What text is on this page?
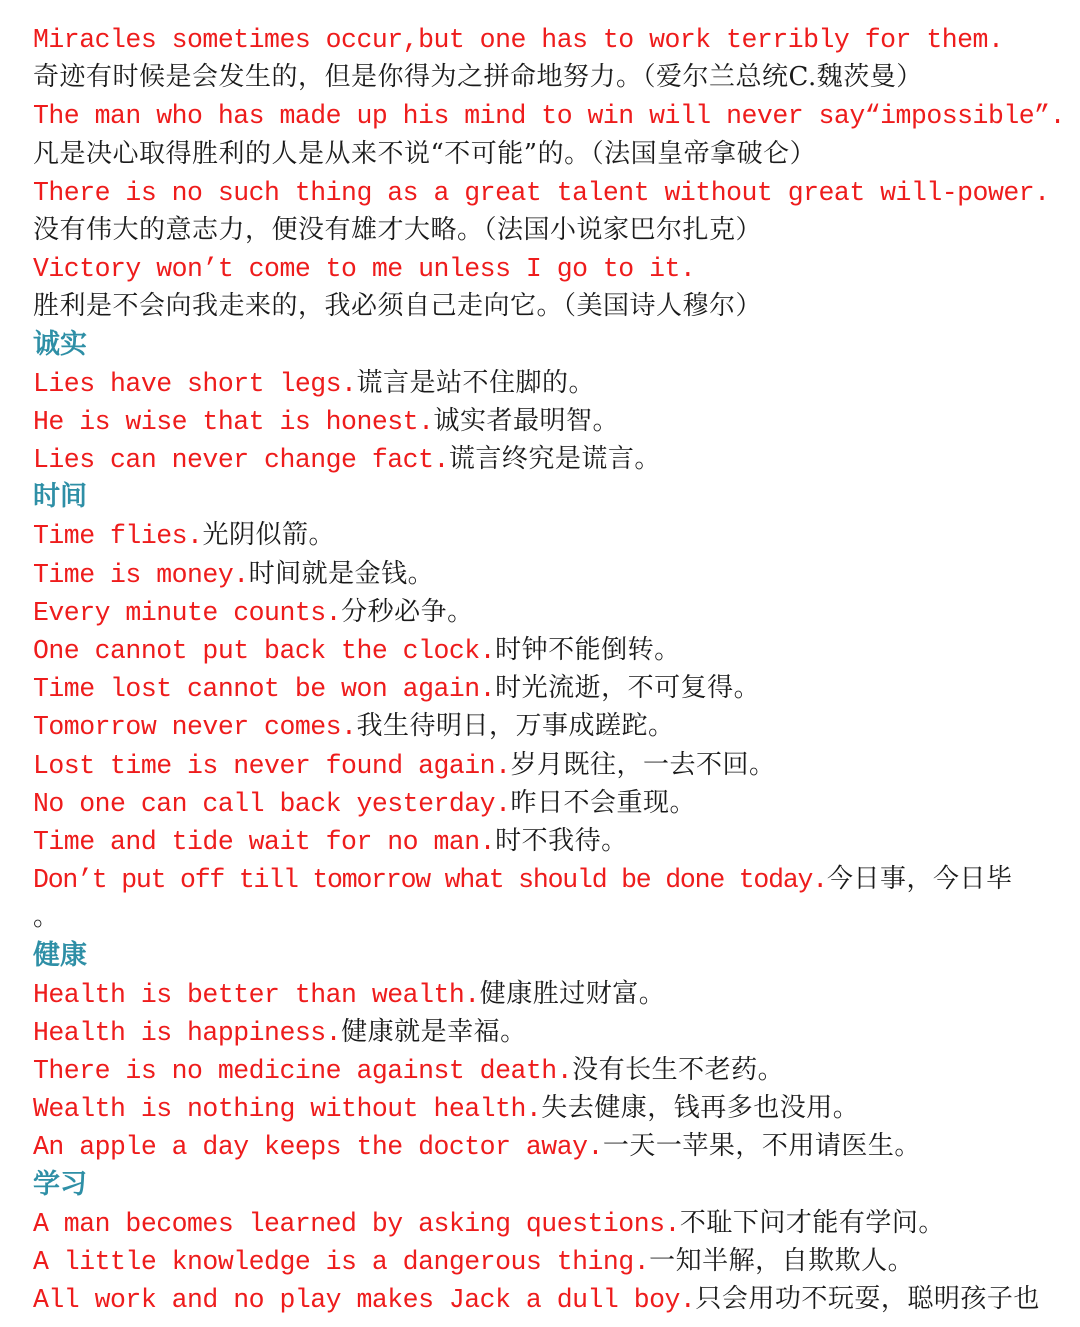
Miracles sometimes occur,but one has to work terribly for them.
奇迹有时候是会发生的，但是你得为之拼命地努力。（爱尔兰总统C.魏茨曼）
The man who has made up his mind to win will never say“impossible”.
凡是决心取得胜利的人是从来不说“不可能”的。（法国皇帝拿破仑）
There is no such thing as a great talent without great will-power.
没有伟大的意志力，便没有雄才大略。（法国小说家巴尔扎克）
Victory won’t come to me unless I go to it.
胜利是不会向我走来的，我必须自己走向它。（美国诗人穆尔）
诚实
Lies have short legs.谎言是站不住脚的。
He is wise that is honest.诚实者最明智。
Lies can never change fact.谎言终究是谎言。
时间
Time flies.光阴似箭。
Time is money.时间就是金钱。
Every minute counts.分秒必争。
One cannot put back the clock.时钟不能倒转。
Time lost cannot be won again.时光流逝，不可复得。
Tomorrow never comes.我生待明日，万事成蹉跎。
Lost time is never found again.岁月既往，一去不回。
No one can call back yesterday.昨日不会重现。
Time and tide wait for no man.时不我待。
Don’t put off till tomorrow what should be done today.今日事，今日毕
。
健康
Health is better than wealth.健康胜过财富。
Health is happiness.健康就是幸福。
There is no medicine against death.没有长生不老药。
Wealth is nothing without health.失去健康，钱再多也没用。
An apple a day keeps the doctor away.一天一苹果，不用请医生。
学习
A man becomes learned by asking questions.不耻下问才能有学问。
A little knowledge is a dangerous thing.一知半解，自欺欺人。
All work and no play makes Jack a dull boy.只会用功不玩耍，聪明孩子也
